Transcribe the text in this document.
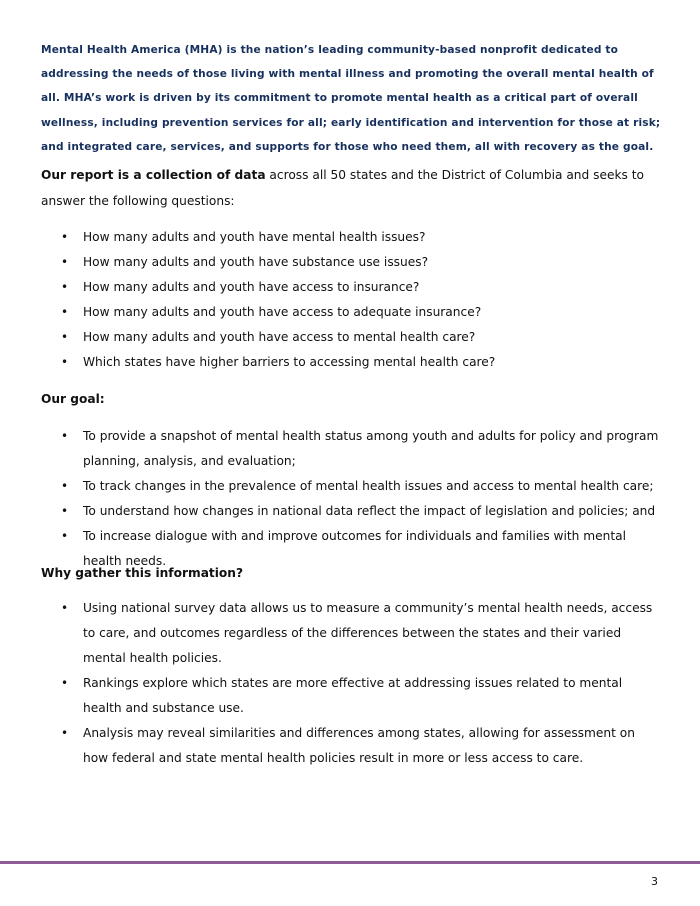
Mental Health America (MHA) is the nation’s leading community-based nonprofit dedicated to addressing the needs of those living with mental illness and promoting the overall mental health of all. MHA’s work is driven by its commitment to promote mental health as a critical part of overall wellness, including prevention services for all; early identification and intervention for those at risk; and integrated care, services, and supports for those who need them, all with recovery as the goal.

Our report is a collection of data across all 50 states and the District of Columbia and seeks to answer the following questions:

• How many adults and youth have mental health issues?
• How many adults and youth have substance use issues?
• How many adults and youth have access to insurance?
• How many adults and youth have access to adequate insurance?
• How many adults and youth have access to mental health care?
• Which states have higher barriers to accessing mental health care?

Our goal:

• To provide a snapshot of mental health status among youth and adults for policy and program planning, analysis, and evaluation;
• To track changes in the prevalence of mental health issues and access to mental health care;
• To understand how changes in national data reflect the impact of legislation and policies; and
• To increase dialogue with and improve outcomes for individuals and families with mental health needs.

Why gather this information?

• Using national survey data allows us to measure a community’s mental health needs, access to care, and outcomes regardless of the differences between the states and their varied mental health policies.
• Rankings explore which states are more effective at addressing issues related to mental health and substance use.
• Analysis may reveal similarities and differences among states, allowing for assessment on how federal and state mental health policies result in more or less access to care.

3
